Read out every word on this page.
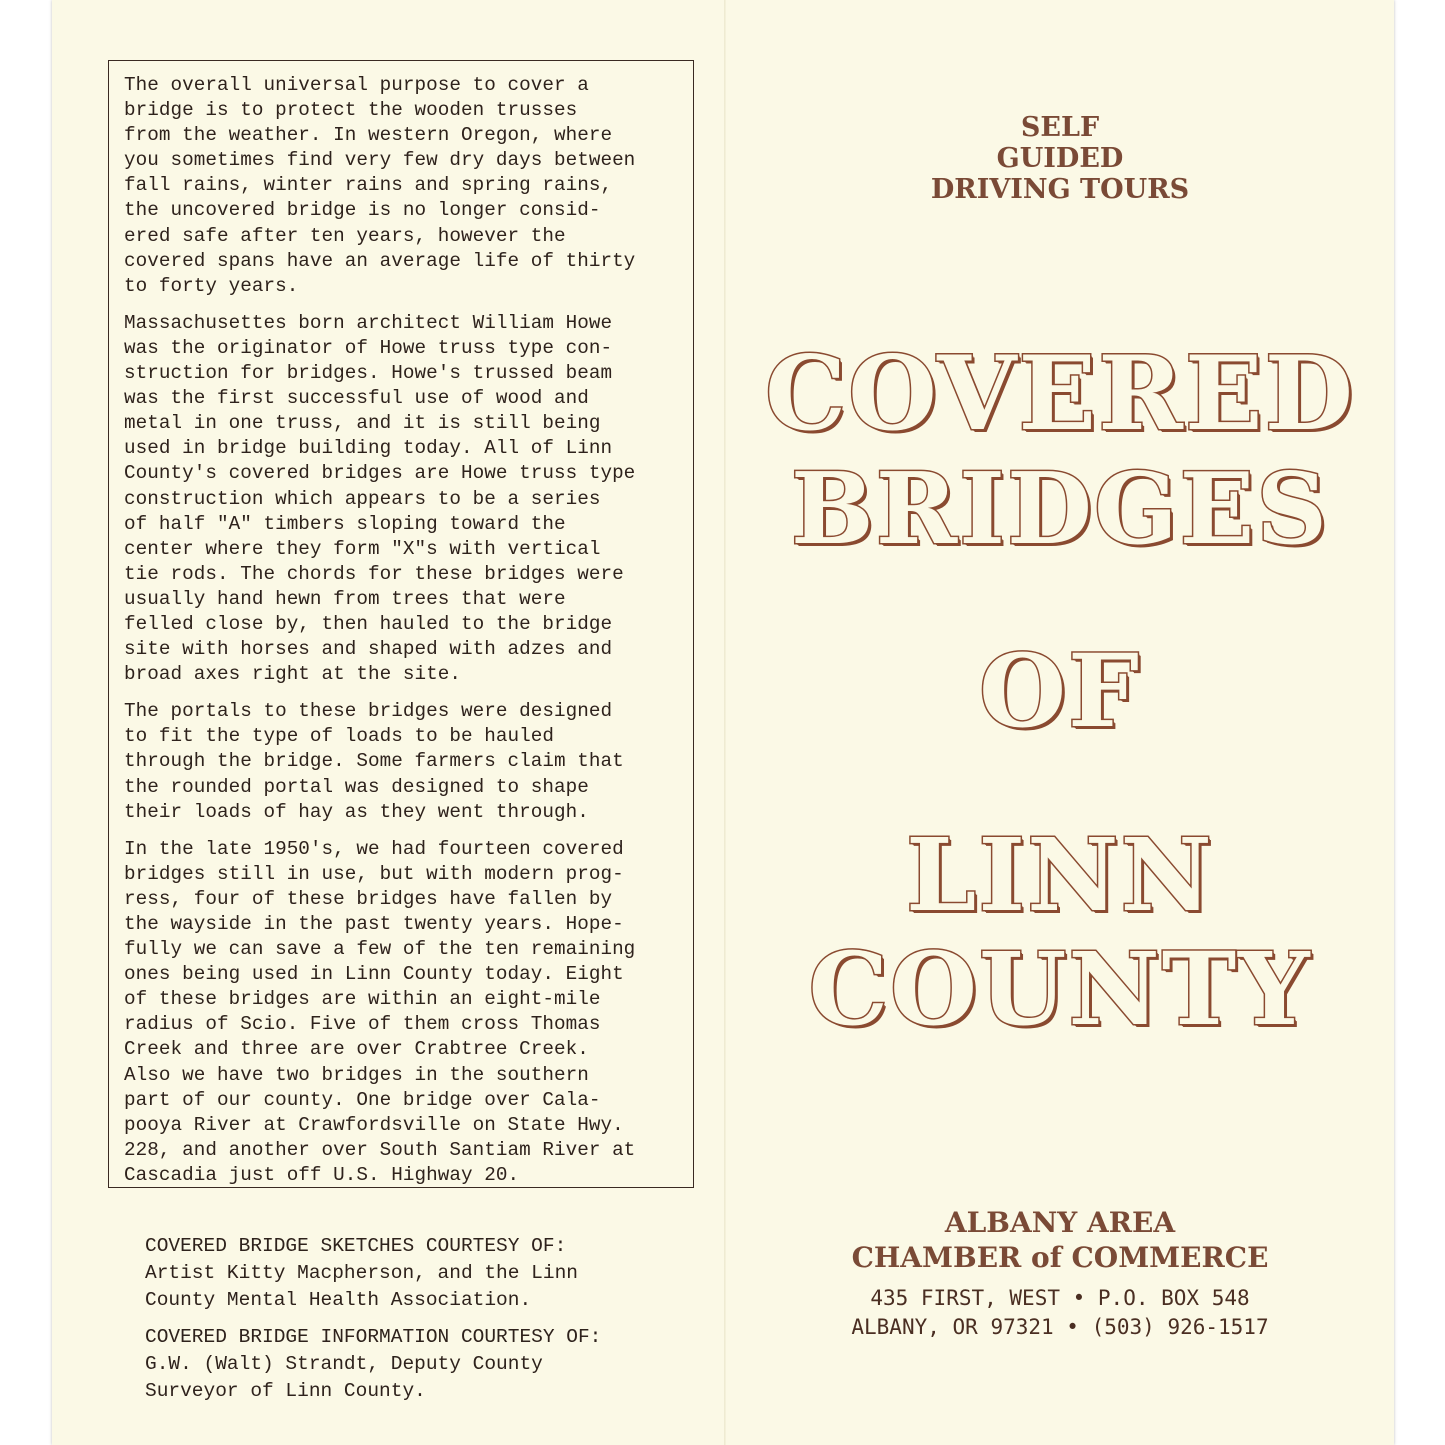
The overall universal purpose to cover a
bridge is to protect the wooden trusses
from the weather. In western Oregon, where
you sometimes find very few dry days between
fall rains, winter rains and spring rains,
the uncovered bridge is no longer consid-
ered safe after ten years, however the
covered spans have an average life of thirty
to forty years.

Massachusettes born architect William Howe
was the originator of Howe truss type con-
struction for bridges. Howe's trussed beam
was the first successful use of wood and
metal in one truss, and it is still being
used in bridge building today. All of Linn
County's covered bridges are Howe truss type
construction which appears to be a series
of half "A" timbers sloping toward the
center where they form "X"s with vertical
tie rods. The chords for these bridges were
usually hand hewn from trees that were
felled close by, then hauled to the bridge
site with horses and shaped with adzes and
broad axes right at the site.

The portals to these bridges were designed
to fit the type of loads to be hauled
through the bridge. Some farmers claim that
the rounded portal was designed to shape
their loads of hay as they went through.

In the late 1950's, we had fourteen covered
bridges still in use, but with modern prog-
ress, four of these bridges have fallen by
the wayside in the past twenty years. Hope-
fully we can save a few of the ten remaining
ones being used in Linn County today. Eight
of these bridges are within an eight-mile
radius of Scio. Five of them cross Thomas
Creek and three are over Crabtree Creek.
Also we have two bridges in the southern
part of our county. One bridge over Cala-
pooya River at Crawfordsville on State Hwy.
228, and another over South Santiam River at
Cascadia just off U.S. Highway 20.

COVERED BRIDGE SKETCHES COURTESY OF:
Artist Kitty Macpherson, and the Linn
County Mental Health Association.

COVERED BRIDGE INFORMATION COURTESY OF:
G.W. (Walt) Strandt, Deputy County
Surveyor of Linn County.

SELF
GUIDED
DRIVING TOURS
COVERED
BRIDGES
OF
LINN
COUNTY
ALBANY AREA
CHAMBER of COMMERCE
435 FIRST, WEST • P.O. BOX 548
ALBANY, OR 97321 • (503) 926-1517
